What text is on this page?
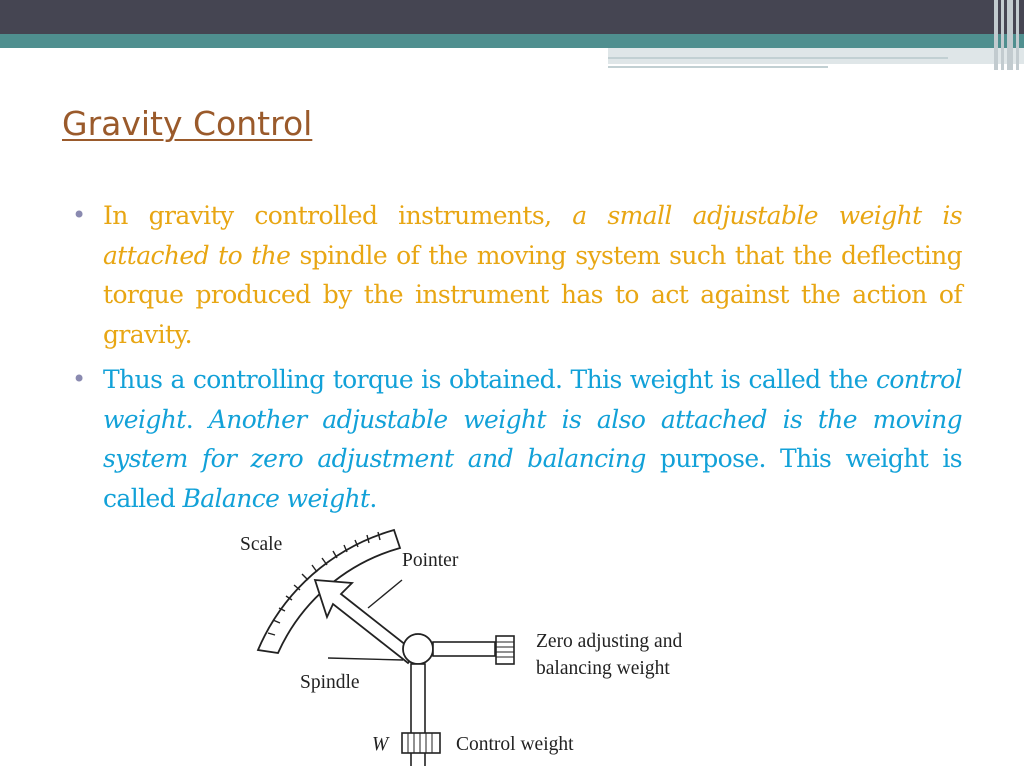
Gravity Control
• In gravity controlled instruments, a small adjustable weight is attached to the spindle of the moving system such that the deflecting torque produced by the instrument has to act against the action of gravity.
• Thus a controlling torque is obtained. This weight is called the control weight. Another adjustable weight is also attached is the moving system for zero adjustment and balancing purpose. This weight is called Balance weight.
Scale
Pointer
Zero adjusting and
balancing weight
Spindle
W	Control weight
